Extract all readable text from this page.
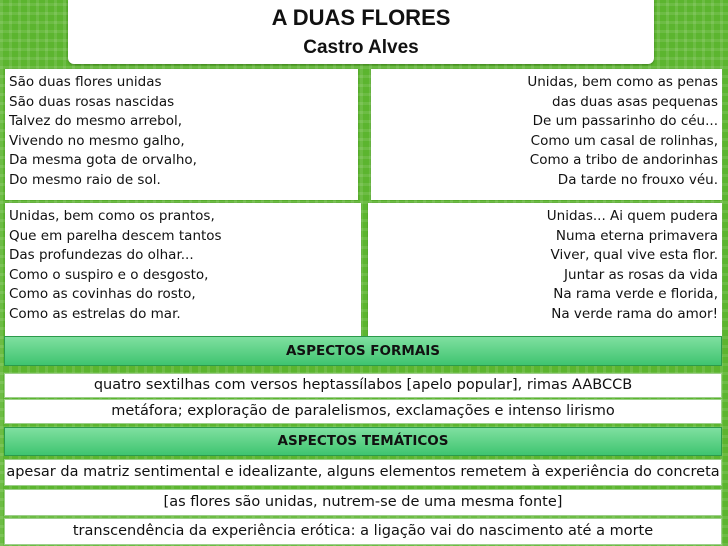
A DUAS FLORES
Castro Alves
São duas flores unidas
São duas rosas nascidas
Talvez do mesmo arrebol,
Vivendo no mesmo galho,
Da mesma gota de orvalho,
Do mesmo raio de sol.
Unidas, bem como as penas
das duas asas pequenas
De um passarinho do céu...
Como um casal de rolinhas,
Como a tribo de andorinhas
Da tarde no frouxo véu.
Unidas, bem como os prantos,
Que em parelha descem tantos
Das profundezas do olhar...
Como o suspiro e o desgosto,
Como as covinhas do rosto,
Como as estrelas do mar.
Unidas... Ai quem pudera
Numa eterna primavera
Viver, qual vive esta flor.
Juntar as rosas da vida
Na rama verde e florida,
Na verde rama do amor!
ASPECTOS FORMAIS
quatro sextilhas com versos heptassílabos [apelo popular], rimas AABCCB
metáfora; exploração de paralelismos, exclamações e intenso lirismo
ASPECTOS TEMÁTICOS
apesar da matriz sentimental e idealizante, alguns elementos remetem à experiência do concreta
[as flores são unidas, nutrem-se de uma mesma fonte]
transcendência da experiência erótica: a ligação vai do nascimento até a morte
